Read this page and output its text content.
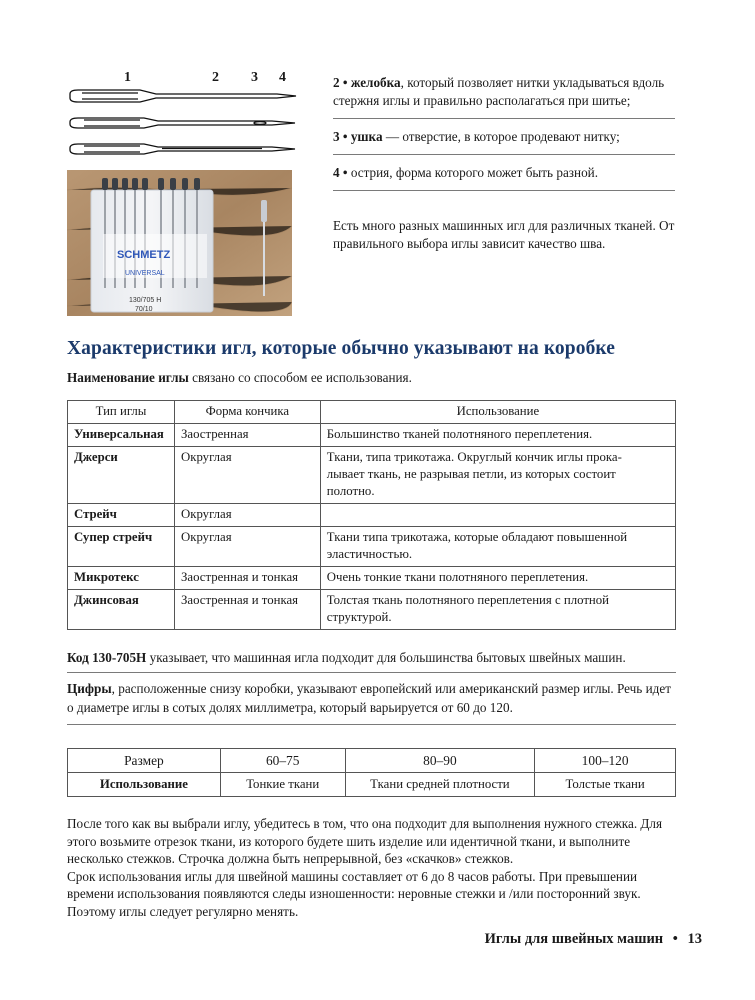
1	2 3 4
SCHMETZ
UNIVERSAL
130/705 H
70/10
2 • желобка, который позволяет нитки укладываться вдоль стержня иглы и правильно располагаться при шитье;
3 • ушка — отверстие, в которое продевают нитку;
4 • острия, форма которого может быть разной.

Есть много разных машинных игл для различных тканей. От правильного выбора иглы зависит качество шва.

Характеристики игл, которые обычно указывают на коробке

Наименование иглы связано со способом ее использования.

Тип иглы	Форма кончика	Использование
Универсальная	Заостренная	Большинство тканей полотняного переплетения.
Джерси	Округлая	Ткани, типа трикотажа. Округлый кончик иглы прока-
лывает ткань, не разрывая петли, из которых состоит
полотно.
Стрейч	Округлая	
Супер стрейч	Округлая	Ткани типа трикотажа, которые обладают повышенной
эластичностью.
Микротекс	Заостренная и тонкая	Очень тонкие ткани полотняного переплетения.
Джинсовая	Заостренная и тонкая	Толстая ткань полотняного переплетения с плотной
структурой.

Код 130-705H указывает, что машинная игла подходит для большинства бытовых швейных машин.

Цифры, расположенные снизу коробки, указывают европейский или американский размер иглы. Речь идет о диаметре иглы в сотых долях миллиметра, который варьируется от 60 до 120.

Размер	60–75	80–90	100–120
Использование	Тонкие ткани	Ткани средней плотности	Толстые ткани

После того как вы выбрали иглу, убедитесь в том, что она подходит для выполнения нужного стежка. Для этого возьмите отрезок ткани, из которого будете шить изделие или идентичной ткани, и выполните несколько стежков. Строчка должна быть непрерывной, без «скачков» стежков.

Срок использования иглы для швейной машины составляет от 6 до 8 часов работы. При превышении времени использования появляются следы изношенности: неровные стежки и /или посторонний звук. Поэтому иглы следует регулярно менять.

Иглы для швейных машин • 13
